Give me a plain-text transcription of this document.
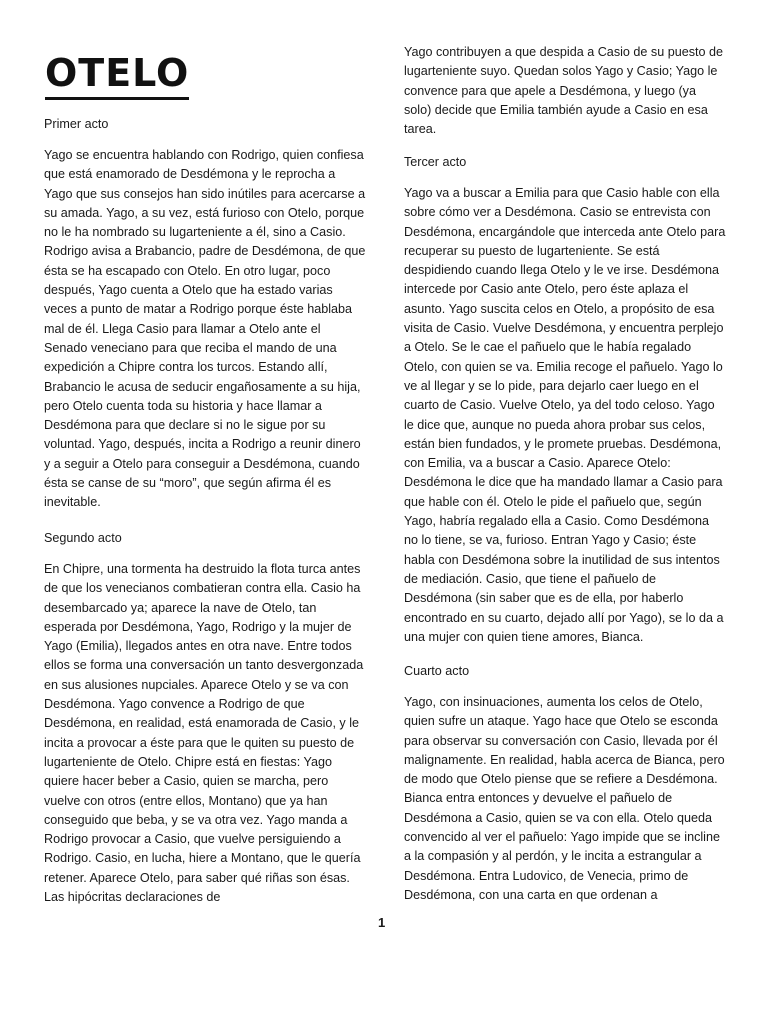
OTELO
Primer acto

Yago se encuentra hablando con Rodrigo, quien confiesa que está enamorado de Desdémona y le reprocha a Yago que sus consejos han sido inútiles para acercarse a su amada. Yago, a su vez, está furioso con Otelo, porque no le ha nombrado su lugarteniente a él, sino a Casio. Rodrigo avisa a Brabancio, padre de Desdémona, de que ésta se ha escapado con Otelo. En otro lugar, poco después, Yago cuenta a Otelo que ha estado varias veces a punto de matar a Rodrigo porque éste hablaba mal de él. Llega Casio para llamar a Otelo ante el Senado veneciano para que reciba el mando de una expedición a Chipre contra los turcos. Estando allí, Brabancio le acusa de seducir engañosamente a su hija, pero Otelo cuenta toda su historia y hace llamar a Desdémona para que declare si no le sigue por su voluntad. Yago, después, incita a Rodrigo a reunir dinero y a seguir a Otelo para conseguir a Desdémona, cuando ésta se canse de su “moro”, que según afirma él es inevitable.

Segundo acto

En Chipre, una tormenta ha destruido la flota turca antes de que los venecianos combatieran contra ella. Casio ha desembarcado ya; aparece la nave de Otelo, tan esperada por Desdémona, Yago, Rodrigo y la mujer de Yago (Emilia), llegados antes en otra nave. Entre todos ellos se forma una conversación un tanto desvergonzada en sus alusiones nupciales. Aparece Otelo y se va con Desdémona. Yago convence a Rodrigo de que Desdémona, en realidad, está enamorada de Casio, y le incita a provocar a éste para que le quiten su puesto de lugarteniente de Otelo. Chipre está en fiestas: Yago quiere hacer beber a Casio, quien se marcha, pero vuelve con otros (entre ellos, Montano) que ya han conseguido que beba, y se va otra vez. Yago manda a Rodrigo provocar a Casio, que vuelve persiguiendo a Rodrigo. Casio, en lucha, hiere a Montano, que le quería retener. Aparece Otelo, para saber qué riñas son ésas. Las hipócritas declaraciones de

Yago contribuyen a que despida a Casio de su puesto de lugarteniente suyo. Quedan solos Yago y Casio; Yago le convence para que apele a Desdémona, y luego (ya solo) decide que Emilia también ayude a Casio en esa tarea.

Tercer acto

Yago va a buscar a Emilia para que Casio hable con ella sobre cómo ver a Desdémona. Casio se entrevista con Desdémona, encargándole que interceda ante Otelo para recuperar su puesto de lugarteniente. Se está despidiendo cuando llega Otelo y le ve irse. Desdémona intercede por Casio ante Otelo, pero éste aplaza el asunto. Yago suscita celos en Otelo, a propósito de esa visita de Casio. Vuelve Desdémona, y encuentra perplejo a Otelo. Se le cae el pañuelo que le había regalado Otelo, con quien se va. Emilia recoge el pañuelo. Yago lo ve al llegar y se lo pide, para dejarlo caer luego en el cuarto de Casio. Vuelve Otelo, ya del todo celoso. Yago le dice que, aunque no pueda ahora probar sus celos, están bien fundados, y le promete pruebas. Desdémona, con Emilia, va a buscar a Casio. Aparece Otelo: Desdémona le dice que ha mandado llamar a Casio para que hable con él. Otelo le pide el pañuelo que, según Yago, habría regalado ella a Casio. Como Desdémona no lo tiene, se va, furioso. Entran Yago y Casio; éste habla con Desdémona sobre la inutilidad de sus intentos de mediación. Casio, que tiene el pañuelo de Desdémona (sin saber que es de ella, por haberlo encontrado en su cuarto, dejado allí por Yago), se lo da a una mujer con quien tiene amores, Bianca.

Cuarto acto

Yago, con insinuaciones, aumenta los celos de Otelo, quien sufre un ataque. Yago hace que Otelo se esconda para observar su conversación con Casio, llevada por él malignamente. En realidad, habla acerca de Bianca, pero de modo que Otelo piense que se refiere a Desdémona. Bianca entra entonces y devuelve el pañuelo de Desdémona a Casio, quien se va con ella. Otelo queda convencido al ver el pañuelo: Yago impide que se incline a la compasión y al perdón, y le incita a estrangular a Desdémona. Entra Ludovico, de Venecia, primo de Desdémona, con una carta en que ordenan a

1
